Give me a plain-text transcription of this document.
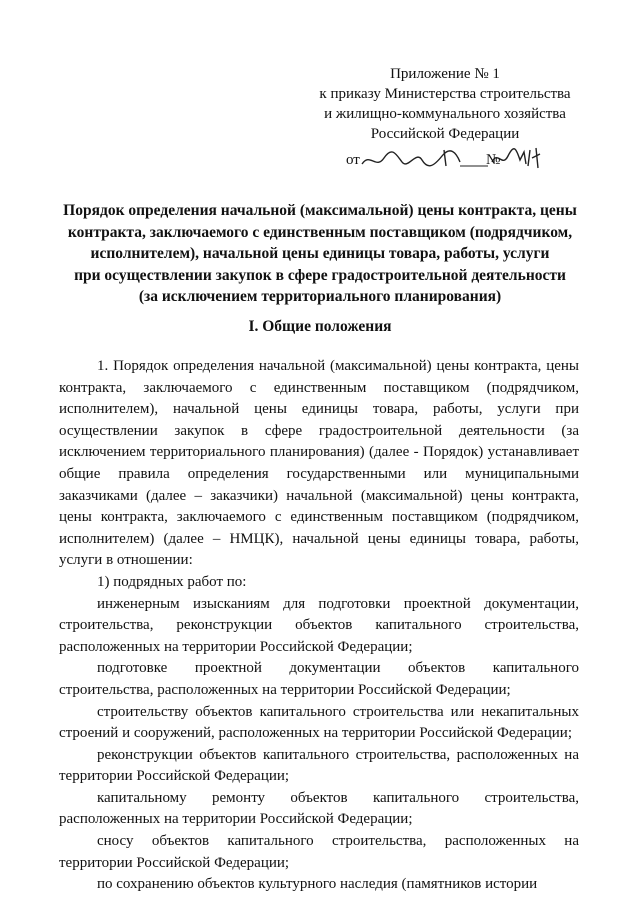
Приложение № 1
к приказу Министерства строительства
и жилищно-коммунального хозяйства
Российской Федерации
от	№
Порядок определения начальной (максимальной) цены контракта, цены
контракта, заключаемого с единственным поставщиком (подрядчиком,
исполнителем), начальной цены единицы товара, работы, услуги
при осуществлении закупок в сфере градостроительной деятельности
(за исключением территориального планирования)
I. Общие положения

1. Порядок определения начальной (максимальной) цены контракта, цены контракта, заключаемого с единственным поставщиком (подрядчиком, исполнителем), начальной цены единицы товара, работы, услуги при осуществлении закупок в сфере градостроительной деятельности (за исключением территориального планирования) (далее - Порядок) устанавливает общие правила определения государственными или муниципальными заказчиками (далее – заказчики) начальной (максимальной) цены контракта, цены контракта, заключаемого с единственным поставщиком (подрядчиком, исполнителем) (далее – НМЦК), начальной цены единицы товара, работы, услуги в отношении:

1) подрядных работ по:

инженерным изысканиям для подготовки проектной документации, строительства, реконструкции объектов капитального строительства, расположенных на территории Российской Федерации;

подготовке проектной документации объектов капитального строительства, расположенных на территории Российской Федерации;

строительству объектов капитального строительства или некапитальных строений и сооружений, расположенных на территории Российской Федерации;

реконструкции объектов капитального строительства, расположенных на территории Российской Федерации;

капитальному ремонту объектов капитального строительства, расположенных на территории Российской Федерации;

сносу объектов капитального строительства, расположенных на территории Российской Федерации;

по сохранению объектов культурного наследия (памятников истории
